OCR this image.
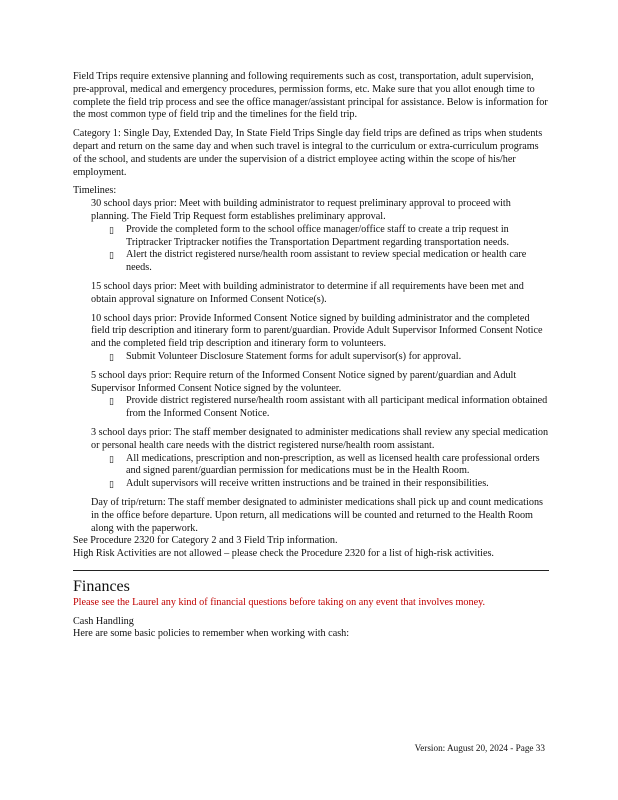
Field Trips require extensive planning and following requirements such as cost, transportation, adult supervision, pre-approval, medical and emergency procedures, permission forms, etc. Make sure that you allot enough time to complete the field trip process and see the office manager/assistant principal for assistance. Below is information for the most common type of field trip and the timelines for the field trip.

Category 1: Single Day, Extended Day, In State Field Trips Single day field trips are defined as trips when students depart and return on the same day and when such travel is integral to the curriculum or extra-curriculum programs of the school, and students are under the supervision of a district employee acting within the scope of his/her employment.

Timelines:

30 school days prior: Meet with building administrator to request preliminary approval to proceed with planning. The Field Trip Request form establishes preliminary approval.

▯ Provide the completed form to the school office manager/office staff to create a trip request in Triptracker Triptracker notifies the Transportation Department regarding transportation needs.

▯ Alert the district registered nurse/health room assistant to review special medication or health care needs.

15 school days prior: Meet with building administrator to determine if all requirements have been met and obtain approval signature on Informed Consent Notice(s).

10 school days prior: Provide Informed Consent Notice signed by building administrator and the completed field trip description and itinerary form to parent/guardian. Provide Adult Supervisor Informed Consent Notice and the completed field trip description and itinerary form to volunteers.

▯ Submit Volunteer Disclosure Statement forms for adult supervisor(s) for approval.

5 school days prior: Require return of the Informed Consent Notice signed by parent/guardian and Adult Supervisor Informed Consent Notice signed by the volunteer.

▯ Provide district registered nurse/health room assistant with all participant medical information obtained from the Informed Consent Notice.

3 school days prior: The staff member designated to administer medications shall review any special medication or personal health care needs with the district registered nurse/health room assistant.

▯ All medications, prescription and non-prescription, as well as licensed health care professional orders and signed parent/guardian permission for medications must be in the Health Room.

▯ Adult supervisors will receive written instructions and be trained in their responsibilities.

Day of trip/return: The staff member designated to administer medications shall pick up and count medications in the office before departure. Upon return, all medications will be counted and returned to the Health Room along with the paperwork.

See Procedure 2320 for Category 2 and 3 Field Trip information.

High Risk Activities are not allowed – please check the Procedure 2320 for a list of high-risk activities.

Finances

Please see the Laurel any kind of financial questions before taking on any event that involves money.

Cash Handling

Here are some basic policies to remember when working with cash:

Version: August 20, 2024 - Page 33
